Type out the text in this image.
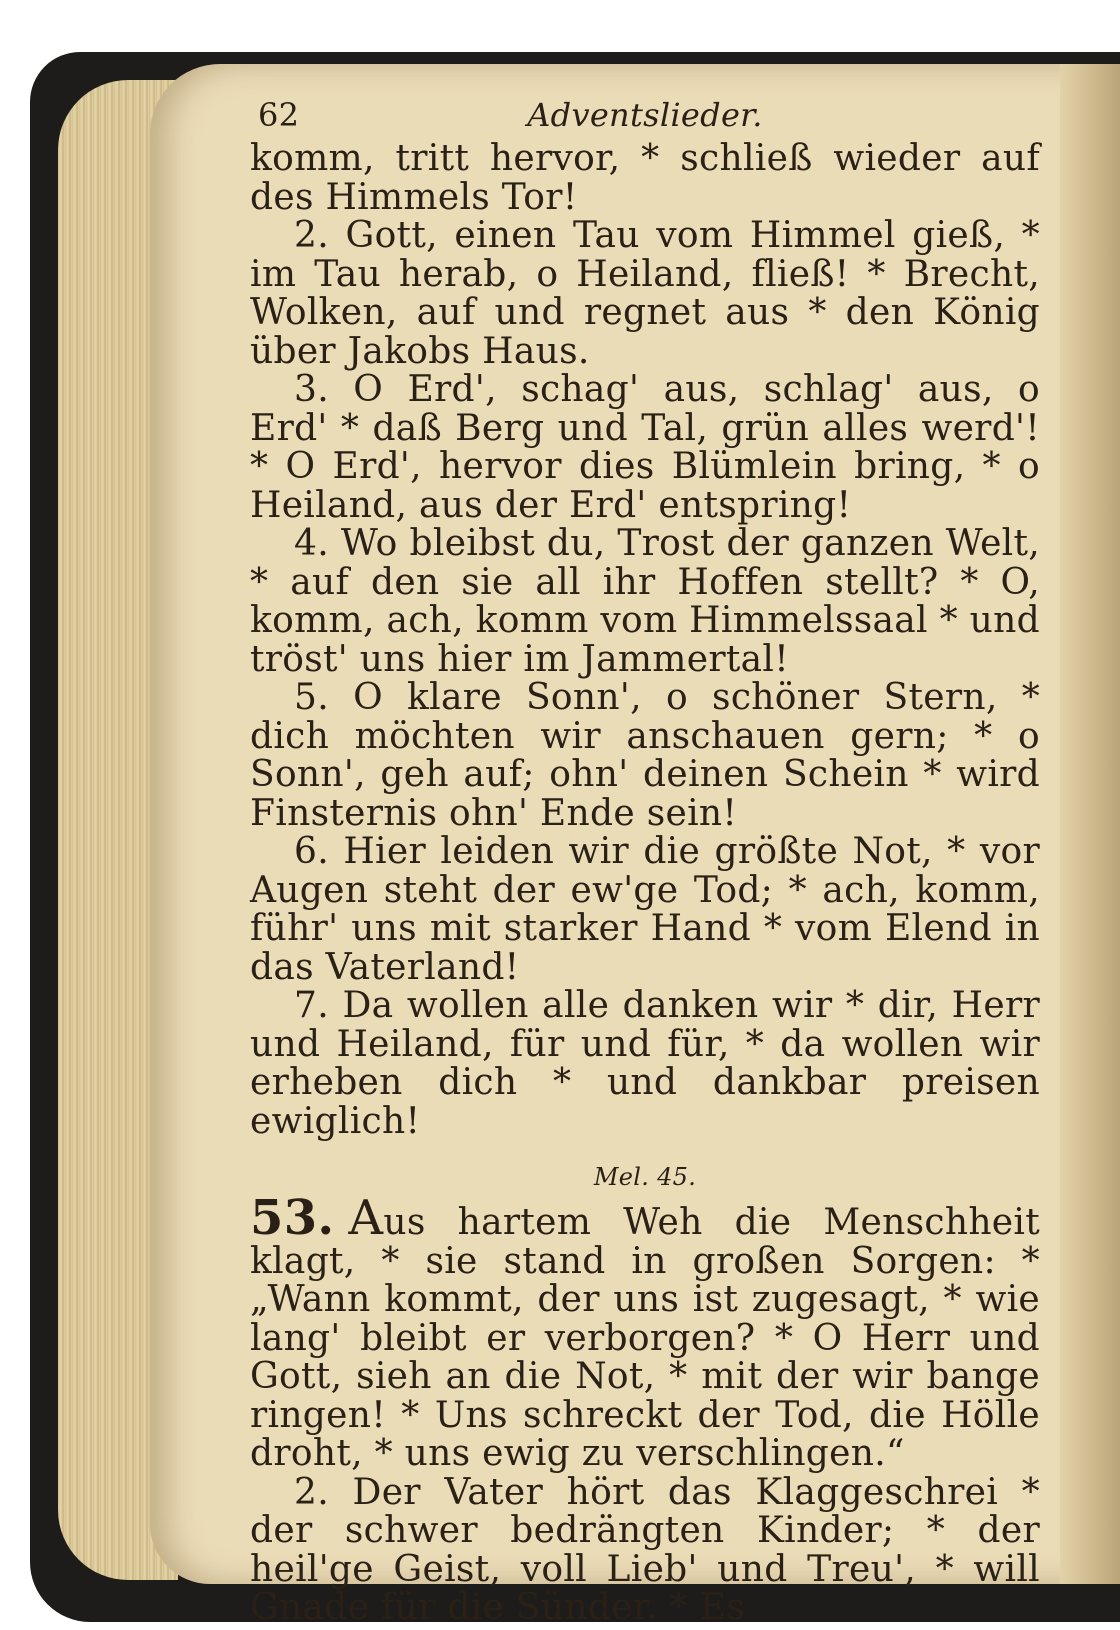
62	Adventslieder.

komm, tritt hervor, * schließ wieder auf des Himmels Tor!

2. Gott, einen Tau vom Himmel gieß, * im Tau herab, o Heiland, fließ! * Brecht, Wolken, auf und regnet aus * den König über Jakobs Haus.

3. O Erd', schag' aus, schlag' aus, o Erd' * daß Berg und Tal, grün alles werd'! * O Erd', hervor dies Blümlein bring, * o Heiland, aus der Erd' entspring!

4. Wo bleibst du, Trost der ganzen Welt, * auf den sie all ihr Hoffen stellt? * O, komm, ach, komm vom Himmelssaal * und tröst' uns hier im Jammertal!

5. O klare Sonn', o schöner Stern, * dich möchten wir anschauen gern; * o Sonn', geh auf; ohn' deinen Schein * wird Finsternis ohn' Ende sein!

6. Hier leiden wir die größte Not, * vor Augen steht der ew'ge Tod; * ach, komm, führ' uns mit starker Hand * vom Elend in das Vaterland!

7. Da wollen alle danken wir * dir, Herr und Heiland, für und für, * da wollen wir erheben dich * und dankbar preisen ewiglich!

Mel. 45.

53. Aus hartem Weh die Menschheit klagt, * sie stand in großen Sorgen: * „Wann kommt, der uns ist zugesagt, * wie lang' bleibt er verborgen? * O Herr und Gott, sieh an die Not, * mit der wir bange ringen! * Uns schreckt der Tod, die Hölle droht, * uns ewig zu verschlingen.“

2. Der Vater hört das Klaggeschrei * der schwer bedrängten Kinder; * der heil'ge Geist, voll Lieb' und Treu', * will Gnade für die Sünder. * Es
